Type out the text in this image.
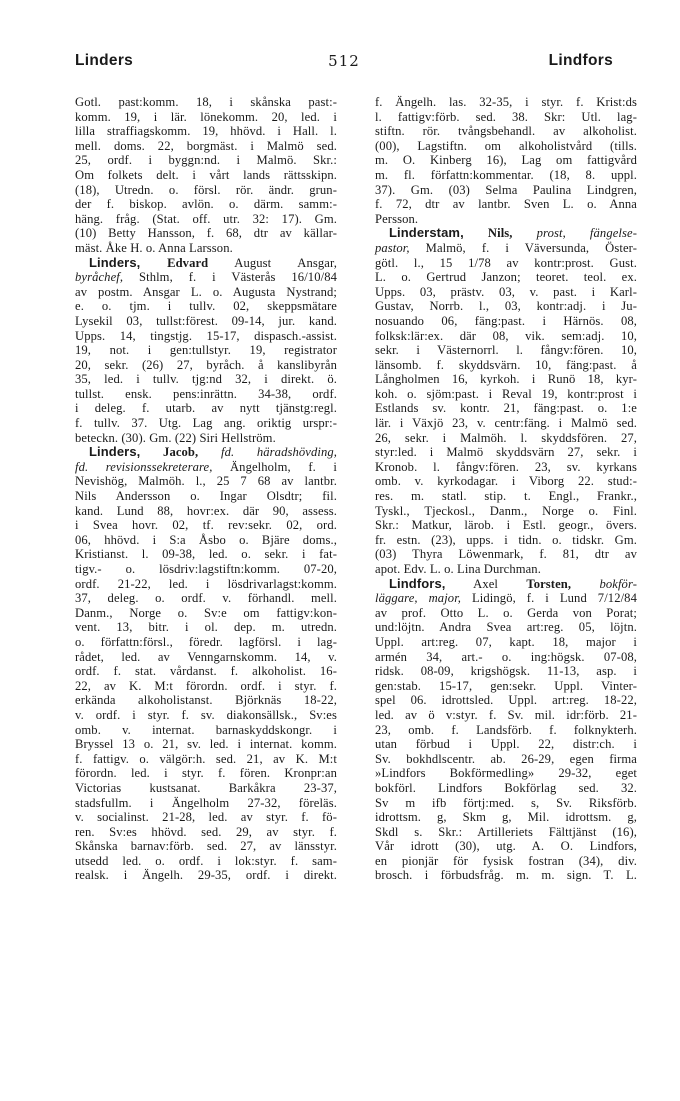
Linders	512	Lindfors
Gotl. past:komm. 18, i skånska past:-
komm. 19, i lär. lönekomm. 20, led. i
lilla straffiagskomm. 19, hhövd. i Hall. l.
mell. doms. 22, borgmäst. i Malmö sed.
25, ordf. i byggn:nd. i Malmö. Skr.:
Om folkets delt. i vårt lands rättsskipn.
(18), Utredn. o. försl. rör. ändr. grun-
der f. biskop. avlön. o. därm. samm:-
häng. fråg. (Stat. off. utr. 32: 17). Gm.
(10) Betty Hansson, f. 68, dtr av källar-
mäst. Åke H. o. Anna Larsson.
Linders, Edvard August Ansgar,
byråchef, Sthlm, f. i Västerås 16/10/84
av postm. Ansgar L. o. Augusta Nystrand;
e. o. tjm. i tullv. 02, skeppsmätare
Lysekil 03, tullst:förest. 09-14, jur. kand.
Upps. 14, tingstjg. 15-17, dispasch.-assist.
19, not. i gen:tullstyr. 19, registrator
20, sekr. (26) 27, byråch. å kanslibyrån
35, led. i tullv. tjg:nd 32, i direkt. ö.
tullst. ensk. pens:inrättn. 34-38, ordf.
i deleg. f. utarb. av nytt tjänstg:regl.
f. tullv. 37. Utg. Lag ang. oriktig urspr:-
beteckn. (30). Gm. (22) Siri Hellström.
Linders, Jacob, fd. häradshövding,
fd. revisionssekreterare, Ängelholm, f. i
Nevishög, Malmöh. l., 25 7 68 av lantbr.
Nils Andersson o. Ingar Olsdtr; fil.
kand. Lund 88, hovr:ex. där 90, assess.
i Svea hovr. 02, tf. rev:sekr. 02, ord.
06, hhövd. i S:a Åsbo o. Bjäre doms.,
Kristianst. l. 09-38, led. o. sekr. i fat-
tigv.- o. lösdriv:lagstiftn:komm. 07-20,
ordf. 21-22, led. i lösdrivarlagst:komm.
37, deleg. o. ordf. v. förhandl. mell.
Danm., Norge o. Sv:e om fattigv:kon-
vent. 13, bitr. i ol. dep. m. utredn.
o. författn:försl., föredr. lagförsl. i lag-
rådet, led. av Venngarnskomm. 14, v.
ordf. f. stat. vårdanst. f. alkoholist. 16-
22, av K. M:t förordn. ordf. i styr. f.
erkända alkoholistanst. Björknäs 18-22,
v. ordf. i styr. f. sv. diakonsällsk., Sv:es
omb. v. internat. barnaskyddskongr. i
Bryssel 13 o. 21, sv. led. i internat. komm.
f. fattigv. o. välgör:h. sed. 21, av K. M:t
förordn. led. i styr. f. fören. Kronpr:an
Victorias kustsanat. Barkåkra 23-37,
stadsfullm. i Ängelholm 27-32, föreläs.
v. socialinst. 21-28, led. av styr. f. fö-
ren. Sv:es hhövd. sed. 29, av styr. f.
Skånska barnav:förb. sed. 27, av länsstyr.
utsedd led. o. ordf. i lok:styr. f. sam-
realsk. i Ängelh. 29-35, ordf. i direkt.
f. Ängelh. las. 32-35, i styr. f. Krist:ds
l. fattigv:förb. sed. 38. Skr: Utl. lag-
stiftn. rör. tvångsbehandl. av alkoholist.
(00), Lagstiftn. om alkoholistvård (tills.
m. O. Kinberg 16), Lag om fattigvård
m. fl. författn:kommentar. (18, 8. uppl.
37). Gm. (03) Selma Paulina Lindgren,
f. 72, dtr av lantbr. Sven L. o. Anna
Persson.
Linderstam, Nils, prost, fängelse-
pastor, Malmö, f. i Väversunda, Öster-
götl. l., 15 1/78 av kontr:prost. Gust.
L. o. Gertrud Janzon; teoret. teol. ex.
Upps. 03, prästv. 03, v. past. i Karl-
Gustav, Norrb. l., 03, kontr:adj. i Ju-
nosuando 06, fäng:past. i Härnös. 08,
folksk:lär:ex. där 08, vik. sem:adj. 10,
sekr. i Västernorrl. l. fångv:fören. 10,
länsomb. f. skyddsvärn. 10, fäng:past. å
Långholmen 16, kyrkoh. i Runö 18, kyr-
koh. o. sjöm:past. i Reval 19, kontr:prost i
Estlands sv. kontr. 21, fäng:past. o. 1:e
lär. i Växjö 23, v. centr:fäng. i Malmö sed.
26, sekr. i Malmöh. l. skyddsfören. 27,
styr:led. i Malmö skyddsvärn 27, sekr. i
Kronob. l. fångv:fören. 23, sv. kyrkans
omb. v. kyrkodagar. i Viborg 22. stud:-
res. m. statl. stip. t. Engl., Frankr.,
Tyskl., Tjeckosl., Danm., Norge o. Finl.
Skr.: Matkur, lärob. i Estl. geogr., övers.
fr. estn. (23), upps. i tidn. o. tidskr. Gm.
(03) Thyra Löwenmark, f. 81, dtr av
apot. Edv. L. o. Lina Durchman.
Lindfors, Axel Torsten, bokför-
läggare, major, Lidingö, f. i Lund 7/12/84
av prof. Otto L. o. Gerda von Porat;
und:löjtn. Andra Svea art:reg. 05, löjtn.
Uppl. art:reg. 07, kapt. 18, major i
armén 34, art.- o. ing:högsk. 07-08,
ridsk. 08-09, krigshögsk. 11-13, asp. i
gen:stab. 15-17, gen:sekr. Uppl. Vinter-
spel 06. idrottsled. Uppl. art:reg. 18-22,
led. av ö v:styr. f. Sv. mil. idr:förb. 21-
23, omb. f. Landsförb. f. folknykterh.
utan förbud i Uppl. 22, distr:ch. i
Sv. bokhdlscentr. ab. 26-29, egen firma
»Lindfors Bokförmedling» 29-32, eget
bokförl. Lindfors Bokförlag sed. 32.
Sv m ifb förtj:med. s, Sv. Riksförb.
idrottsm. g, Skm g, Mil. idrottsm. g,
Skdl s. Skr.: Artilleriets Fälttjänst (16),
Vår idrott (30), utg. A. O. Lindfors,
en pionjär för fysisk fostran (34), div.
brosch. i förbudsfråg. m. m. sign. T. L.
